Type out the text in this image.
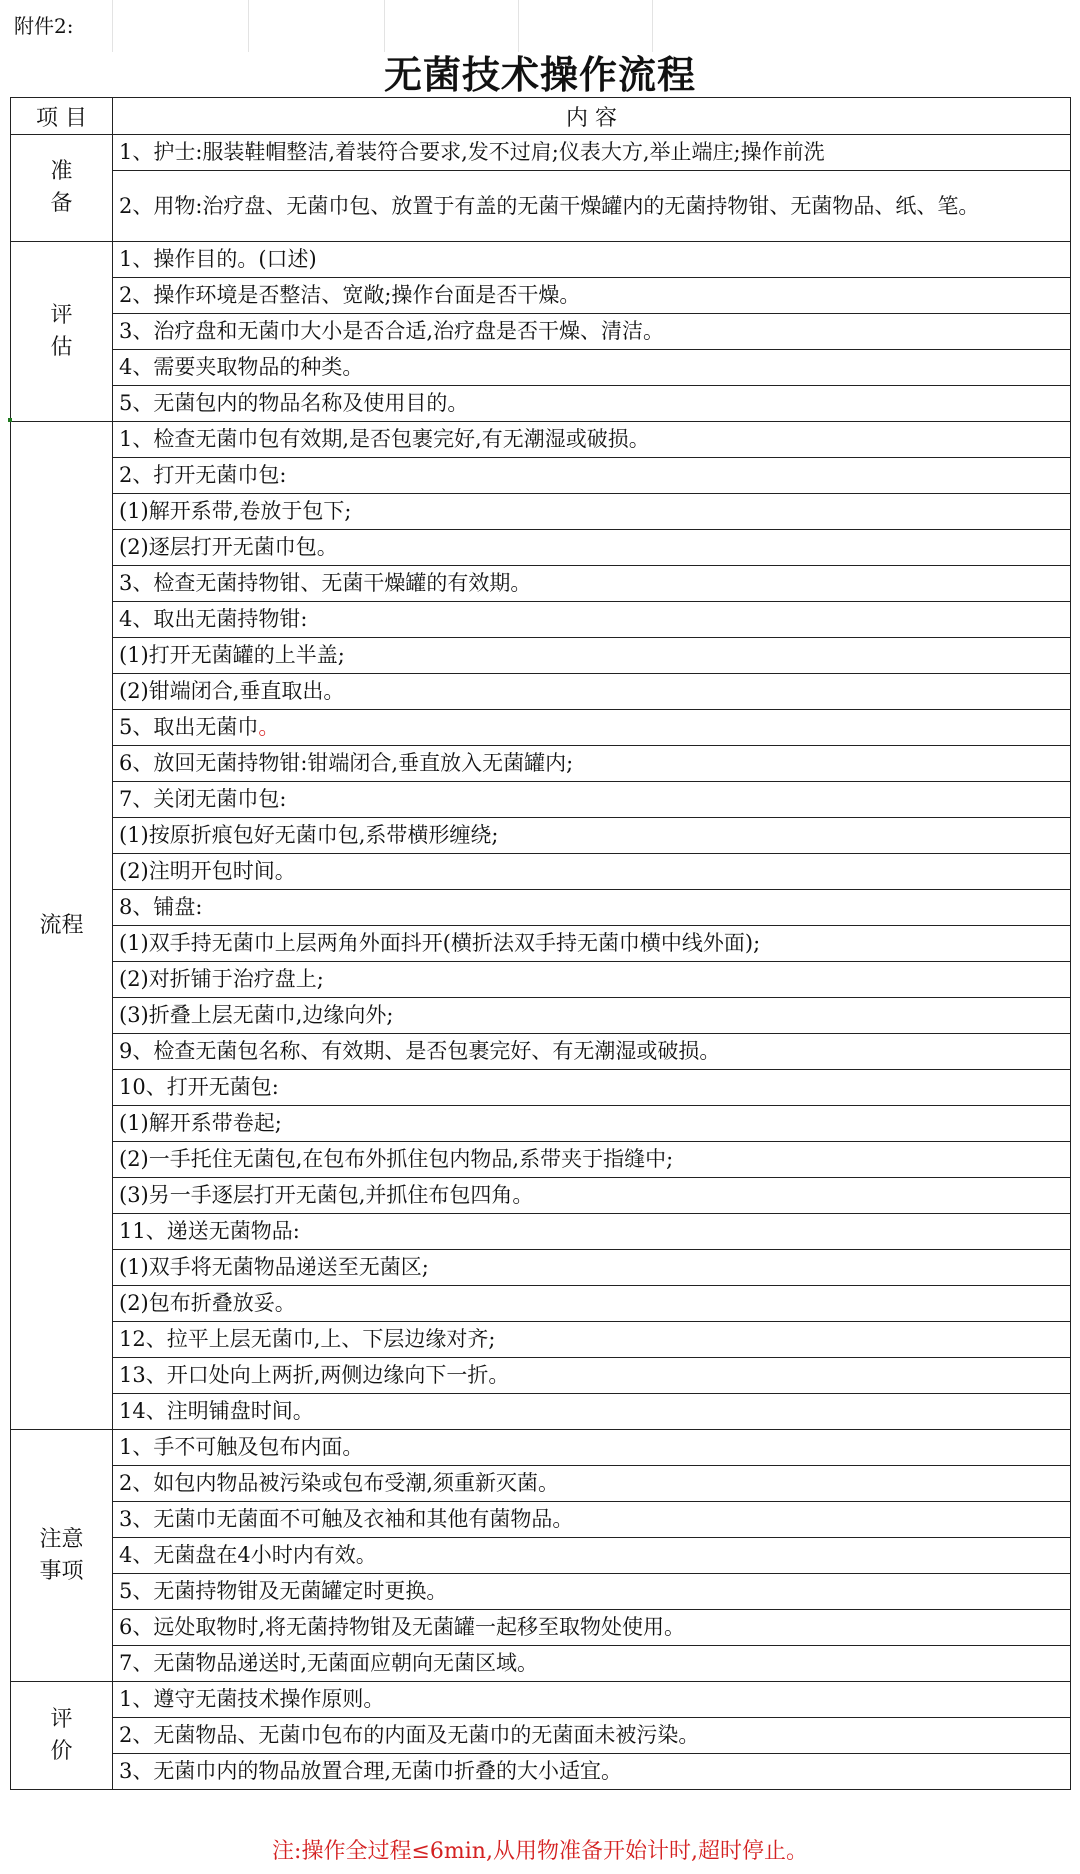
附件2:
无菌技术操作流程
项 目	内 容

准
备	1、护士:服装鞋帽整洁,着装符合要求,发不过肩;仪表大方,举止端庄;操作前洗
	2、用物:治疗盘、无菌巾包、放置于有盖的无菌干燥罐内的无菌持物钳、无菌物品、纸、笔。

评
估	1、操作目的。(口述)
	2、操作环境是否整洁、宽敞;操作台面是否干燥。
	3、治疗盘和无菌巾大小是否合适,治疗盘是否干燥、清洁。
	4、需要夹取物品的种类。
	5、无菌包内的物品名称及使用目的。
流程	1、检查无菌巾包有效期,是否包裹完好,有无潮湿或破损。
	2、打开无菌巾包:
	(1)解开系带,卷放于包下;
	(2)逐层打开无菌巾包。
	3、检查无菌持物钳、无菌干燥罐的有效期。
	4、取出无菌持物钳:
	(1)打开无菌罐的上半盖;
	(2)钳端闭合,垂直取出。
	5、取出无菌巾。
	6、放回无菌持物钳:钳端闭合,垂直放入无菌罐内;
	7、关闭无菌巾包:
	(1)按原折痕包好无菌巾包,系带横形缠绕;
	(2)注明开包时间。
	8、铺盘:
	(1)双手持无菌巾上层两角外面抖开(横折法双手持无菌巾横中线外面);
	(2)对折铺于治疗盘上;
	(3)折叠上层无菌巾,边缘向外;
	9、检查无菌包名称、有效期、是否包裹完好、有无潮湿或破损。
	10、打开无菌包:
	(1)解开系带卷起;
	(2)一手托住无菌包,在包布外抓住包内物品,系带夹于指缝中;
	(3)另一手逐层打开无菌包,并抓住布包四角。
	11、递送无菌物品:
	(1)双手将无菌物品递送至无菌区;
	(2)包布折叠放妥。
	12、拉平上层无菌巾,上、下层边缘对齐;
	13、开口处向上两折,两侧边缘向下一折。
	14、注明铺盘时间。

注意
事项	1、手不可触及包布内面。
	2、如包内物品被污染或包布受潮,须重新灭菌。
	3、无菌巾无菌面不可触及衣袖和其他有菌物品。
	4、无菌盘在4小时内有效。
	5、无菌持物钳及无菌罐定时更换。
	6、远处取物时,将无菌持物钳及无菌罐一起移至取物处使用。
	7、无菌物品递送时,无菌面应朝向无菌区域。

评
价	1、遵守无菌技术操作原则。
	2、无菌物品、无菌巾包布的内面及无菌巾的无菌面未被污染。
	3、无菌巾内的物品放置合理,无菌巾折叠的大小适宜。
注:操作全过程≤6min,从用物准备开始计时,超时停止。
